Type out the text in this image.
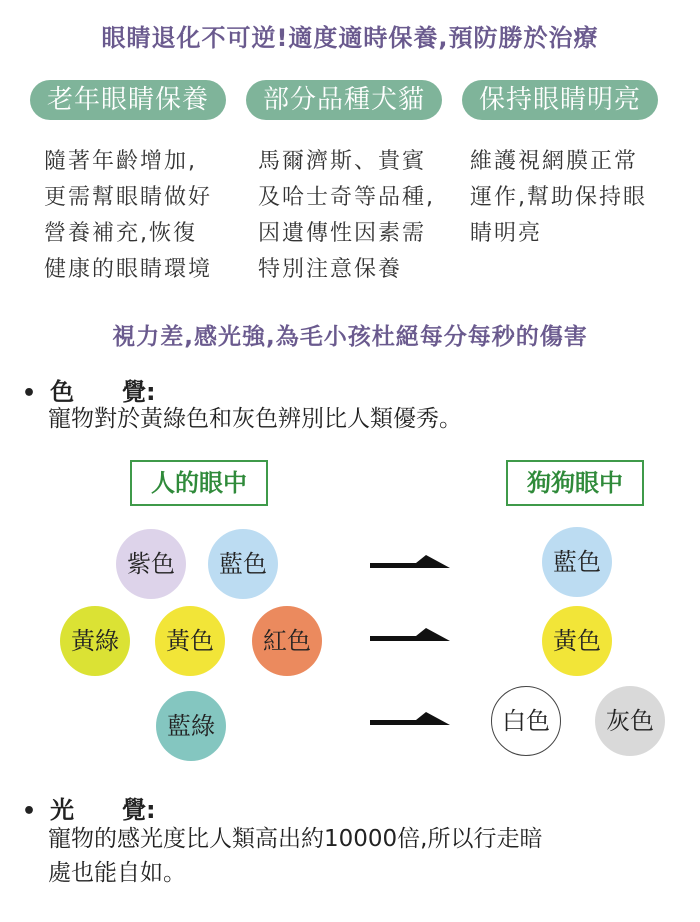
眼睛退化不可逆!適度適時保養,預防勝於治療
老年眼睛保養	部分品種犬貓	保持眼睛明亮
隨著年齡增加,
更需幫眼睛做好
營養補充,恢復
健康的眼睛環境
馬爾濟斯、貴賓
及哈士奇等品種,
因遺傳性因素需
特別注意保養
維護視網膜正常
運作,幫助保持眼
睛明亮
視力差,感光強,為毛小孩杜絕每分每秒的傷害
• 色　　覺:
寵物對於黃綠色和灰色辨別比人類優秀。
人的眼中	狗狗眼中
紫色	藍色
黃綠	黃色	紅色
藍綠
藍色
黃色
白色	灰色
• 光　　覺:
寵物的感光度比人類高出約10000倍,所以行走暗
處也能自如。
